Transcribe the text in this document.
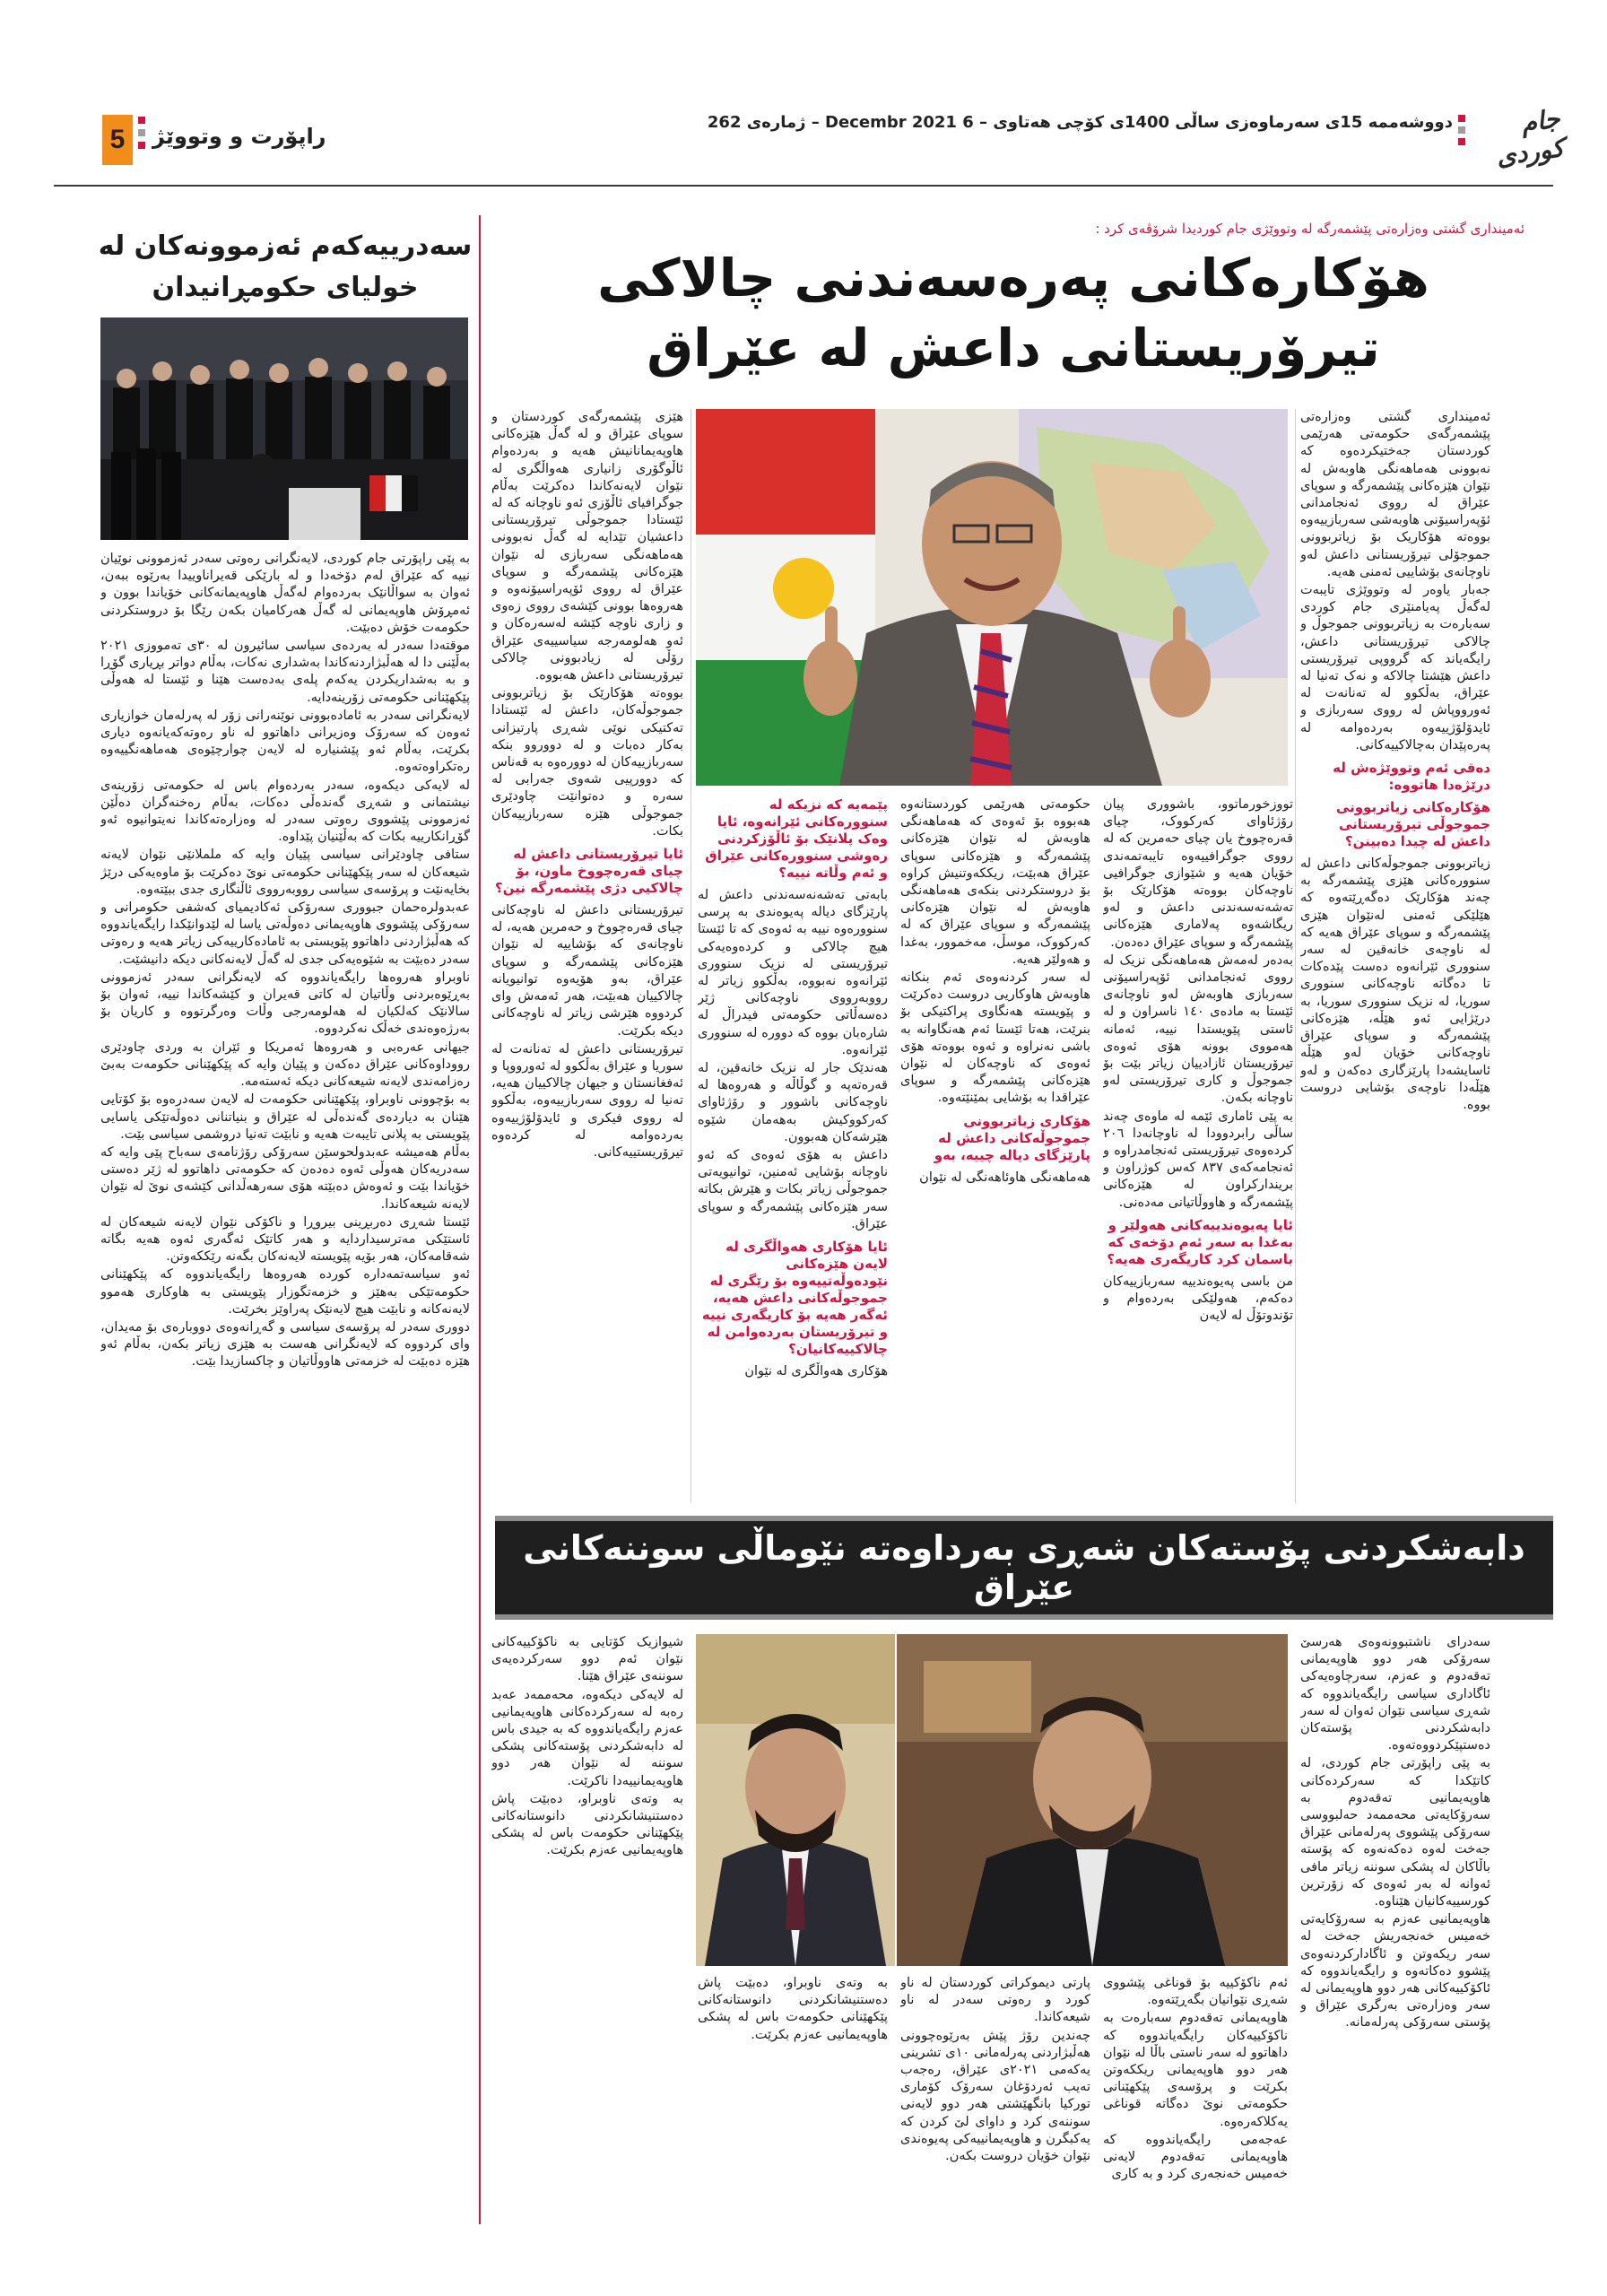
5 راپۆرت و وتووێژ
دووشەممە 15ی سەرماوەزی ساڵی 1400ی کۆچی هەتاوی – 6 Decembr 2021 – ژمارەی 262	جام کوردی
سەدرییەکەم ئەزموونەکان لە خولیای حکومڕانیدان

بە پێی راپۆرتی جام کوردی، لایەنگرانی رەوتی سەدر ئەزموونی نوێیان نییە کە عێراق لەم دۆخەدا و لە بارێکی قەیراناوییدا بەرێوە ببەن، ئەوان بە سواڵانێک بەردەوام لەگەڵ هاوپەیمانەکانی خۆیاندا بوون و ئەمڕۆش هاوپەیمانی لە گەڵ هەرکامیان بکەن رێگا بۆ دروستکردنی حکومەت خۆش دەبێت.

موقتەدا سەدر لە بەردەی سیاسی سائیرون لە ٣٠ی تەمووزی ٢٠٢١ بەڵێنی دا لە هەڵبژاردنەکاندا بەشداری نەکات، بەڵام دواتر بڕیاری گۆڕا و بە بەشداریکردن یەکەم پلەی بەدەست هێنا و ئێستا لە هەوڵی پێکهێنانی حکومەتی زۆرینەدایە.

لایەنگرانی سەدر بە ئامادەبوونی نوێنەرانی زۆر لە پەرلەمان خوازیاری ئەوەن کە سەرۆک وەزیرانی داهاتوو لە ناو رەوتەکەیانەوە دیاری بکرێت، بەڵام ئەو پێشنیارە لە لایەن چوارچێوەی هەماهەنگییەوە رەتکراوەتەوە.

لە لایەکی دیکەوە، سەدر بەردەوام باس لە حکومەتی زۆرینەی نیشتمانی و شەڕی گەندەڵی دەکات، بەڵام رەخنەگران دەڵێن ئەزموونی پێشووی رەوتی سەدر لە وەزارەتەکاندا نەیتوانیوە ئەو گۆڕانکارییە بکات کە بەڵێنیان پێداوە.

ستافی چاودێرانی سیاسی پێیان وایە کە ململانێی نێوان لایەنە شیعەکان لە سەر پێکهێنانی حکومەتی نوێ دەکرێت بۆ ماوەیەکی درێژ بخایەنێت و پرۆسەی سیاسی رووبەرووی ئاڵنگاری جدی ببێتەوە.

عەبدولرەحمان جبووری سەرۆکی ئەکادیمیای کەشفی حکومرانی و سەرۆکی پێشووی هاوپەیمانی دەوڵەتی یاسا لە لێدوانێکدا رایگەیاندووە کە هەڵبژاردنی داهاتوو پێویستی بە ئامادەکارییەکی زیاتر هەیە و رەوتی سەدر دەبێت بە شێوەیەکی جدی لە گەڵ لایەنەکانی دیکە دانیشێت.

ناوبراو هەروەها رایگەیاندووە کە لایەنگرانی سەدر ئەزموونی بەڕێوەبردنی وڵاتیان لە کاتی قەیران و کێشەکاندا نییە، ئەوان بۆ سالانێک کەلکیان لە هەلومەرجی وڵات وەرگرتووە و کاریان بۆ بەرژەوەندی خەڵک نەکردووە.

جیهانی عەرەبی و هەروەها ئەمریکا و ئێران بە وردی چاودێری رووداوەکانی عێراق دەکەن و پێیان وایە کە پێکهێنانی حکومەت بەبێ رەزامەندی لایەنە شیعەکانی دیکە ئەستەمە.

بە بۆچوونی ناوبراو، پێکهێنانی حکومەت لە لایەن سەدرەوە بۆ کۆتایی هێنان بە دیاردەی گەندەڵی لە عێراق و بنیاتنانی دەوڵەتێکی یاسایی پێویستی بە پلانی تایبەت هەیە و نابێت تەنیا دروشمی سیاسی بێت.

بەڵام هەمیشە عەبدولحوسێن سەرۆکی رۆژنامەی سەباح پێی وایە کە سەدریەکان هەوڵی ئەوە دەدەن کە حکومەتی داهاتوو لە ژێر دەستی خۆیاندا بێت و ئەوەش دەبێتە هۆی سەرهەڵدانی کێشەی نوێ لە نێوان لایەنە شیعەکاندا.

ئێستا شەڕی دەربڕینی بیروڕا و ناکۆکی نێوان لایەنە شیعەکان لە ئاستێکی مەترسیداردایە و هەر کاتێک ئەگەری ئەوە هەیە بگاتە شەقامەکان، هەر بۆیە پێویستە لایەنەکان بگەنە رێککەوتن.

ئەو سیاسەتمەدارە کوردە هەروەها رایگەیاندووە کە پێکهێنانی حکومەتێکی بەهێز و خزمەتگوزار پێویستی بە هاوکاری هەموو لایەنەکانە و نابێت هیچ لایەنێک پەراوێز بخرێت.

دووری سەدر لە پرۆسەی سیاسی و گەڕانەوەی دووبارەی بۆ مەیدان، وای کردووە کە لایەنگرانی هەست بە هێزی زیاتر بکەن، بەڵام ئەو هێزە دەبێت لە خزمەتی هاووڵاتیان و چاکسازیدا بێت.

ئەمینداری گشتی وەزارەتی پێشمەرگە لە وتووێژی جام کوردیدا شرۆڤەی کرد :
هۆکارەکانی پەرەسەندنی چالاکی
تیرۆریستانی داعش لە عێراق

ئەمینداری گشتی وەزارەتی پێشمەرگەی حکومەتی هەرێمی کوردستان جەختیکردەوە کە نەبوونی هەماهەنگی هاوبەش لە نێوان هێزەکانی پێشمەرگە و سوپای عێراق لە رووی ئەنجامدانی ئۆپەراسیۆنی هاوبەشی سەربازییەوە بووەتە هۆکاریک بۆ زیاتربوونی جموجۆلی تیرۆریستانی داعش لەو ناوچانەی بۆشاییی ئەمنی هەیە.

جەبار یاوەر لە وتووێژی تایبەت لەگەڵ پەیامنێری جام کوردی سەبارەت بە زیاتربوونی جموجوڵ و چالاکی تیرۆریستانی داعش، رایگەیاند کە گرووپی تیرۆریستی داعش هێشتا چالاکە و نەک تەنیا لە عێراق، بەڵکوو لە تەنانەت لە ئەورووپاش لە رووی سەربازی و ئایدۆلۆژییەوە بەردەوامە لە پەرەپێدان بەچالاکییەکانی.

دەقی ئەم وتووێژەش لە درێژەدا هاتووە:
هۆکارەکانی زیاتربوونی جموجوڵی تیرۆریستانی داعش لە چیدا دەبینن؟

زیاتربوونی جموجوڵەکانی داعش لە سنوورەکانی هێزی پێشمەرگە بە چەند هۆکارێک دەگەڕێتەوە کە هێلێکی ئەمنی لەنێوان هێزی پێشمەرگە و سوپای عێراق هەیە کە لە ناوچەی خانەقین لە سەر سنووری ئێرانەوە دەست پێدەکات تا دەگاتە ناوچەکانی سنووری سوریا، لە نزیک سنووری سوریا، بە درێژایی ئەو هێڵە، هێزەکانی پێشمەرگە و سوپای عێراق ناوچەکانی خۆیان لەو هێڵە ئاسایشەدا پارێزگاری دەکەن و لەو هێڵەدا ناوچەی بۆشایی دروست بووە.

هێزی پێشمەرگەی کوردستان و سوپای عێراق و لە گەڵ هێزەکانی هاوپەیمانانیش هەیە و بەردەوام ئاڵوگۆری زانیاری هەواڵگری لە نێوان لایەنەکاندا دەکرێت بەڵام جوگرافیای ئاڵۆزی ئەو ناوچانە کە لە ئێستادا جموجوڵی تیرۆریستانی داعشیان تێدایە لە گەڵ نەبوونی هەماهەنگی سەربازی لە نێوان هێزەکانی پێشمەرگە و سوپای عێراق لە رووی ئۆپەراسیۆنەوە و هەروەها بوونی کێشەی رووی زەوی و زاری ناوچە کێشە لەسەرەکان و ئەو هەلومەرجە سیاسییەی عێراق رۆڵی لە زیادبوونی چالاکی تیرۆریستانی داعش هەبووە.

بووەتە هۆکارێک بۆ زیاتربوونی جموجوڵەکان، داعش لە ئێستادا تەکتیکی نوێی شەڕی پارتیزانی بەکار دەبات و لە دووروو بنکە سەربازییەکان لە دوورەوە بە قەناس کە دوورپیی شەوی جەرابی لە سەرە و دەتوانێت چاودێری جموجوڵی هێزە سەربازییەکان بکات.

ئایا تیرۆریستانی داعش لە چیای قەرەچووخ ماون، بۆ چالاکیی دژی پێشمەرگە نین؟

تیرۆریستانی داعش لە ناوچەکانی چیای قەرەچووخ و حەمرین هەیە، لە ناوچانەی کە بۆشاییە لە نێوان هێزەکانی پێشمەرگە و سوپای عێراق، بەو هۆیەوە توانیویانە چالاکییان هەبێت، هەر ئەمەش وای کردووە هێرشی زیاتر لە ناوچەکانی دیکە بکرێت.

تیرۆریستانی داعش لە تەنانەت لە سوریا و عێراق بەڵکوو لە ئەورووپا و ئەفغانستان و جیهان چالاکییان هەیە، تەنیا لە رووی سەربازییەوە، بەڵکوو لە رووی فیکری و ئایدۆلۆژییەوە بەردەوامە لە کردەوە تیرۆریستییەکانی.

تووزخورماتوو، باشووری پیان رۆژئاوای کەرکووک، چیای قەرەچووخ یان چیای حەمرین کە لە رووی جوگرافییەوە تایبەتمەندی خۆیان هەیە و شێوازی جوگرافیی ناوچەکان بووەتە هۆکارێک بۆ تەشەنەسەندنی داعش و لەو ریگاشەوە پەلاماری هێزەکانی پێشمەرگە و سوپای عێراق دەدەن.

بەدەر لەمەش هەماهەنگی نزیک لە رووی ئەنجامدانی ئۆپەراسیۆنی سەربازی هاوبەش لەو ناوچانەی ئێستا بە مادەی ١٤٠ ناسراون و لە ئاستی پێویستدا نییە، ئەمانە هەمووی بوونە هۆی ئەوەی تیرۆریستان ئازادییان زیاتر بێت بۆ جموجوڵ و کاری تیرۆریستی لەو ناوچانە بکەن.

بە پێی ئاماری ئێمە لە ماوەی چەند ساڵی رابردوودا لە ناوچانەدا ٢٠٦ کردەوەی تیرۆریستی ئەنجامدراوە و ئەنجامەکەی ٨٣٧ کەس کوژراون و بریندارکراون لە هێزەکانی پێشمەرگە و هاووڵاتیانی مەدەنی.

ئایا پەیوەندییەکانی هەولێر و بەغدا بە سەر ئەم دۆخەی کە باسمان کرد کاریگەری هەیە؟

من باسی پەیوەندییە سەربازییەکان دەکەم، هەولێکی بەردەوام و تۆندوتۆڵ لە لایەن

حکومەتی هەرێمی کوردستانەوە هەبووە بۆ ئەوەی کە هەماهەنگی هاوبەش لە نێوان هێزەکانی پێشمەرگە و هێزەکانی سوپای عێراق هەبێت، ریککەوتنیش کراوە بۆ دروستکردنی بنکەی هەماهەنگی هاوبەش لە نێوان هێزەکانی پێشمەرگە و سوپای عێراق کە لە کەرکووک، موسڵ، مەخموور، بەغدا و هەولێر هەیە.

لە سەر کردنەوەی ئەم بنکانە هاوبەش هاوکاریی دروست دەکرێت و پێویستە هەنگاوی پراکتیکی بۆ بنرێت، هەتا ئێستا ئەم هەنگاوانە بە باشی نەنراوە و ئەوە بووەتە هۆی ئەوەی کە ناوچەکان لە نێوان هێزەکانی پێشمەرگە و سوپای عێراقدا بە بۆشایی بمێنێتەوە.

هۆکاری زیاتربوونی جموجوڵەکانی داعش لە پارێزگای دیالە چییە، بەو

هەماهەنگی هاوئاهەنگی لە نێوان

پێمەیە کە نزیکە لە سنوورەکانی ئێرانەوە، ئایا وەک پلانێک بۆ ئاڵۆزکردنی رەوشی سنوورەکانی عێراق و ئەم وڵاتە نییە؟

بابەتی تەشەنەسەندنی داعش لە پارێزگای دیالە پەیوەندی بە پرسی سنوورەوە نییە بە ئەوەی کە تا ئێستا هیچ چالاکی و کردەوەیەکی تیرۆریستی لە نزیک سنووری ئێرانەوە نەبووە، بەڵکوو زیاتر لە رووبەرووی ناوچەکانی ژێر دەسەڵاتی حکومەتی فیدراڵ لە شارەبان بووە کە دووره لە سنووری ئێرانەوە.

هەندێک جار لە نزیک خانەقین، لە قەرەتەپە و گوڵاڵە و هەروەها لە ناوچەکانی باشوور و رۆژئاوای کەرکووکیش بەهەمان شێوە هێرشەکان هەبوون.

داعش بە هۆی ئەوەی کە ئەو ناوچانە بۆشایی ئەمنین، توانیویەتی جموجوڵی زیاتر بکات و هێرش بکاتە سەر هێزەکانی پێشمەرگە و سوپای عێراق.

ئایا هۆکاری هەواڵگری لە لایەن هێزەکانی نێودەوڵەتییەوە بۆ رێگری لە جموجوڵەکانی داعش هەیە، ئەگەر هەیە بۆ کاریگەری نییە و تیرۆریستان بەردەوامن لە چالاکییەکانیان؟

هۆکاری هەواڵگری لە نێوان

دابەشکردنی پۆستەکان شەڕی بەرداوەتە نێوماڵی سوننەکانی عێراق

سەدرای ناشتبوونەوەی هەرسێ سەرۆکی هەر دوو هاوپەیمانی تەقەدوم و عەزم، سەرچاوەیەکی ئاگاداری سیاسی رایگەیاندووە کە شەڕی سیاسی نێوان ئەوان لە سەر دابەشکردنی پۆستەکان دەستپێکردووەتەوە.

بە پێی راپۆرتی جام کوردی، لە کاتێکدا کە سەرکردەکانی هاوپەیمانیی تەقەدوم بە سەرۆکایەتی محەممەد حەلبووسی سەرۆکی پێشووی پەرلەمانی عێراق جەخت لەوە دەکەنەوە کە پۆستە باڵاکان لە پشکی سوننە زیاتر مافی ئەوانە لە بەر ئەوەی کە زۆرترین کورسییەکانیان هێناوە.

هاوپەیمانیی عەزم بە سەرۆکایەتی خەمیس خەنجەریش جەخت لە سەر ریکەوتن و ئاگادارکردنەوەی پێشوو دەکاتەوە و رایگەیاندووە کە ئاکۆکییەکانی هەر دوو هاوپەیمانی لە سەر وەزارەتی بەرگری عێراق و پۆستی سەرۆکی پەرلەمانە.

ئەم ناکۆکییە بۆ قوناغی پێشووی شەڕی نێوانیان بگەڕێتەوە.

هاوپەیمانی تەقەدوم سەبارەت بە ناکۆکییەکان رایگەیاندووە کە داهاتوو لە سەر ناستی باڵا لە نێوان هەر دوو هاوپەیمانی ریککەوتن بکرێت و پرۆسەی پێکهێنانی حکومەتی نوێ دەگاتە قوناغی یەکلاکەرەوە.

عەجەمی رایگەیاندووە کە هاوپەیمانی تەقەدوم لایەنی خەمیس خەنجەری کرد و بە کاری

پارتی دیموکراتی کوردستان لە ناو کورد و رەوتی سەدر لە ناو شیعەکاندا.

چەندین رۆژ پێش بەرێوەچوونی هەڵبژاردنی پەرلەمانی ١٠ی تشرینی یەکەمی ٢٠٢١ی عێراق، رەجەب تەیب ئەردۆغان سەرۆک کۆماری تورکیا بانگهێشتی هەر دوو لایەنی سوننەی کرد و داوای لێ کردن کە یەکبگرن و هاوپەیمانییەکی پەیوەندی نێوان خۆیان دروست بکەن.

شیوازیک کۆتایی بە ناکۆکییەکانی نێوان ئەم دوو سەرکردەیەی سوننەی عێراق هێنا.

لە لایەکی دیکەوە، محەممەد عەبد رەبە لە سەرکردەکانی هاوپەیمانیی عەزم رایگەیاندووە کە بە جیدی باس لە دابەشکردنی پۆستەکانی پشکی سوننە لە نێوان هەر دوو هاوپەیمانییەدا ناکرێت.

بە وتەی ناوبراو، دەبێت پاش دەستنیشانکردنی دانوستانەکانی پێکهێنانی حکومەت باس لە پشکی هاوپەیمانیی عەزم بکرێت.

بە وتەی ناوبراو، دەبێت پاش دەستنیشانکردنی دانوستانەکانی پێکهێنانی حکومەت باس لە پشکی هاوپەیمانیی عەزم بکرێت.
